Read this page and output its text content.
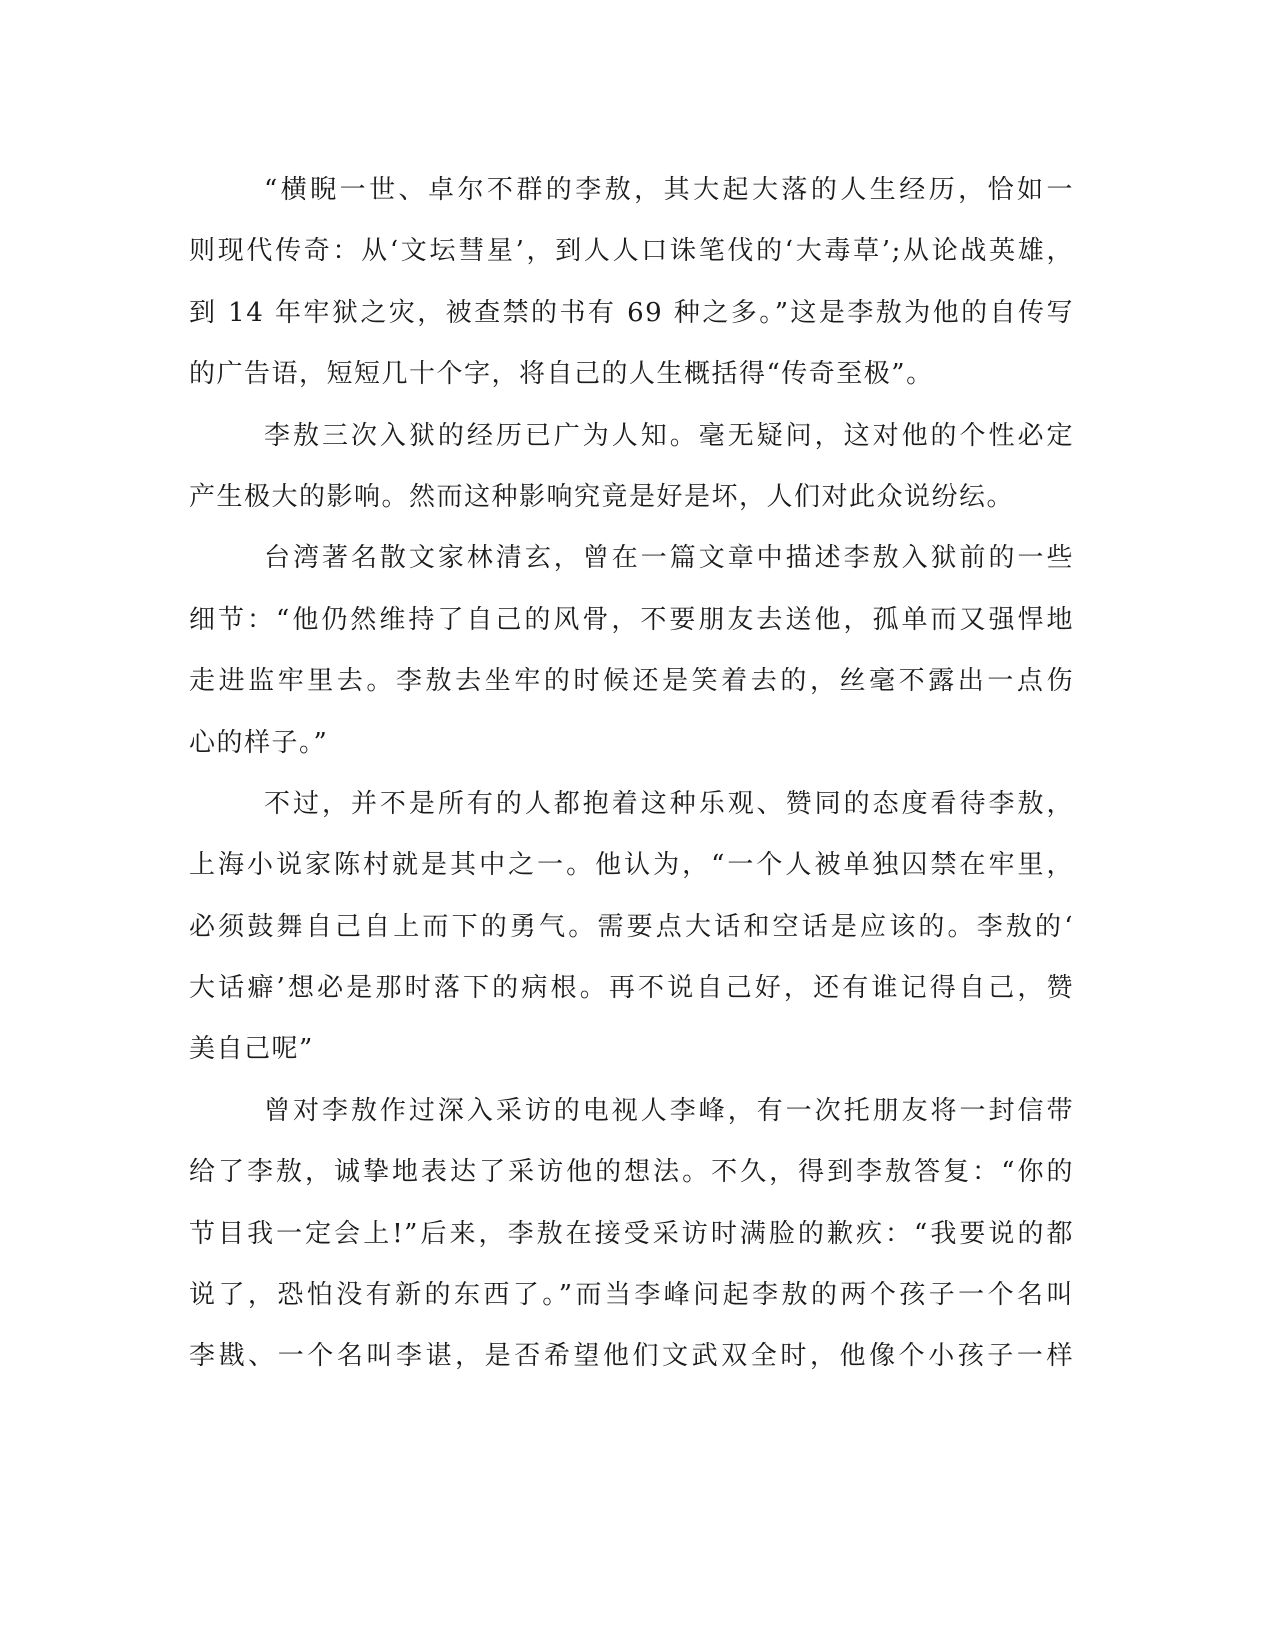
“横睨一世、卓尔不群的李敖，其大起大落的人生经历，恰如一
则现代传奇：从‘文坛彗星’，到人人口诛笔伐的‘大毒草’;从论战英雄，
到 14 年牢狱之灾，被查禁的书有 69 种之多。”这是李敖为他的自传写
的广告语，短短几十个字，将自己的人生概括得“传奇至极”。
李敖三次入狱的经历已广为人知。毫无疑问，这对他的个性必定
产生极大的影响。然而这种影响究竟是好是坏，人们对此众说纷纭。
台湾著名散文家林清玄，曾在一篇文章中描述李敖入狱前的一些
细节：“他仍然维持了自己的风骨，不要朋友去送他，孤单而又强悍地
走进监牢里去。李敖去坐牢的时候还是笑着去的，丝毫不露出一点伤
心的样子。”
不过，并不是所有的人都抱着这种乐观、赞同的态度看待李敖，
上海小说家陈村就是其中之一。他认为，“一个人被单独囚禁在牢里，
必须鼓舞自己自上而下的勇气。需要点大话和空话是应该的。李敖的‘
大话癖’想必是那时落下的病根。再不说自己好，还有谁记得自己，赞
美自己呢”
曾对李敖作过深入采访的电视人李峰，有一次托朋友将一封信带
给了李敖，诚挚地表达了采访他的想法。不久，得到李敖答复：“你的
节目我一定会上!”后来，李敖在接受采访时满脸的歉疚：“我要说的都
说了，恐怕没有新的东西了。”而当李峰问起李敖的两个孩子一个名叫
李戡、一个名叫李谌，是否希望他们文武双全时，他像个小孩子一样
